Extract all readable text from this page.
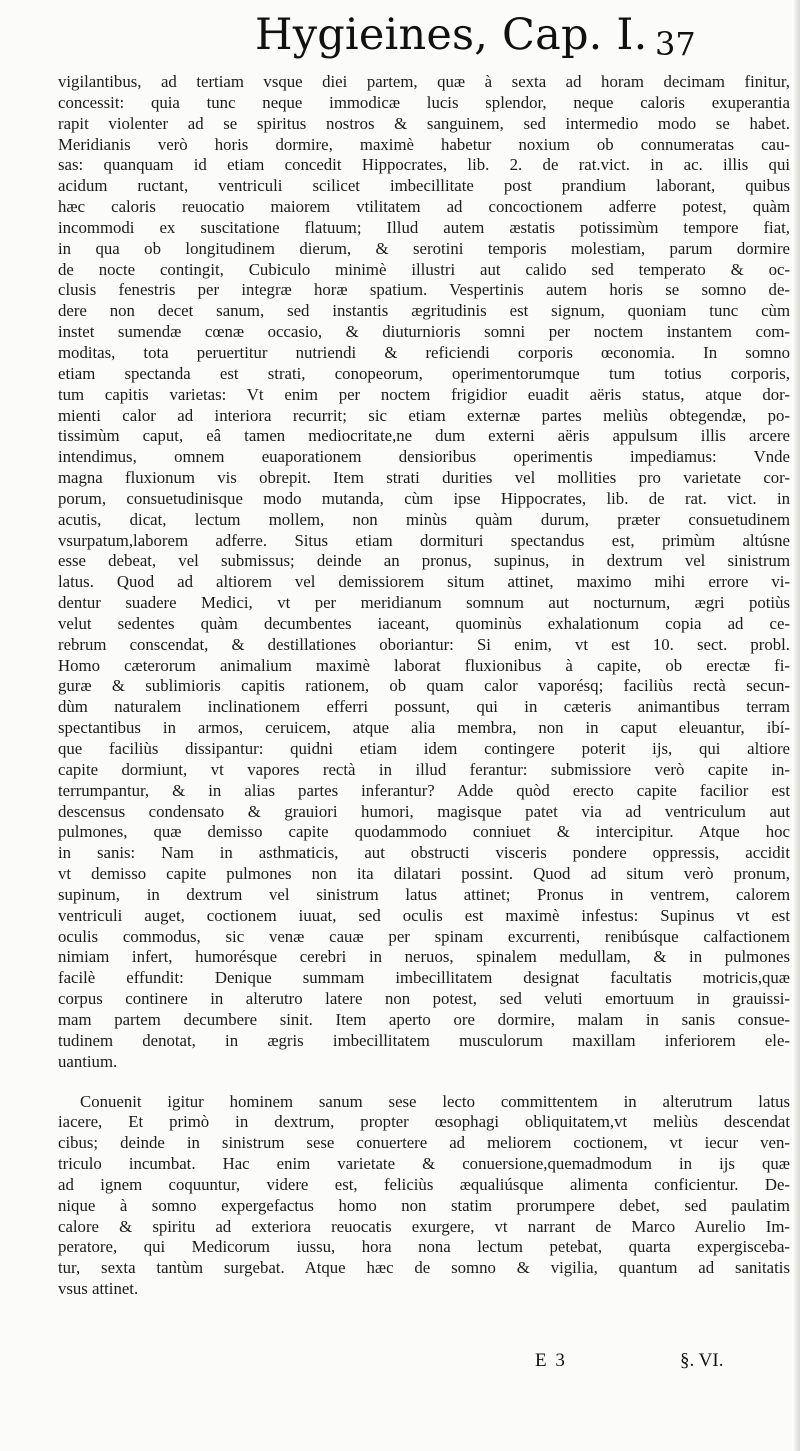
Hygieines, Cap. I. 37
vigilantibus, ad tertiam vsque diei partem, quæ à sexta ad horam decimam finitur,
concessit: quia tunc neque immodicæ lucis splendor, neque caloris exuperantia
rapit violenter ad se spiritus nostros & sanguinem, sed intermedio modo se habet.
Meridianis verò horis dormire, maximè habetur noxium ob connumeratas cau-
sas: quanquam id etiam concedit Hippocrates, lib. 2. de rat.vict. in ac. illis qui
acidum ructant, ventriculi scilicet imbecillitate post prandium laborant, quibus
hæc caloris reuocatio maiorem vtilitatem ad concoctionem adferre potest, quàm
incommodi ex suscitatione flatuum; Illud autem æstatis potissimùm tempore fiat,
in qua ob longitudinem dierum, & serotini temporis molestiam, parum dormire
de nocte contingit, Cubiculo minimè illustri aut calido sed temperato & oc-
clusis fenestris per integræ horæ spatium. Vespertinis autem horis se somno de-
dere non decet sanum, sed instantis ægritudinis est signum, quoniam tunc cùm
instet sumendæ cœnæ occasio, & diuturnioris somni per noctem instantem com-
moditas, tota peruertitur nutriendi & reficiendi corporis œconomia. In somno
etiam spectanda est strati, conopeorum, operimentorumque tum totius corporis,
tum capitis varietas: Vt enim per noctem frigidior euadit aëris status, atque dor-
mienti calor ad interiora recurrit; sic etiam externæ partes meliùs obtegendæ, po-
tissimùm caput, eâ tamen mediocritate,ne dum externi aëris appulsum illis arcere
intendimus, omnem euaporationem densioribus operimentis impediamus: Vnde
magna fluxionum vis obrepit. Item strati durities vel mollities pro varietate cor-
porum, consuetudinisque modo mutanda, cùm ipse Hippocrates, lib. de rat. vict. in
acutis, dicat, lectum mollem, non minùs quàm durum, præter consuetudinem
vsurpatum,laborem adferre. Situs etiam dormituri spectandus est, primùm altúsne
esse debeat, vel submissus; deinde an pronus, supinus, in dextrum vel sinistrum
latus. Quod ad altiorem vel demissiorem situm attinet, maximo mihi errore vi-
dentur suadere Medici, vt per meridianum somnum aut nocturnum, ægri potiùs
velut sedentes quàm decumbentes iaceant, quominùs exhalationum copia ad ce-
rebrum conscendat, & destillationes oboriantur: Si enim, vt est 10. sect. probl.
Homo cæterorum animalium maximè laborat fluxionibus à capite, ob erectæ fi-
guræ & sublimioris capitis rationem, ob quam calor vaporésq; faciliùs rectà secun-
dùm naturalem inclinationem efferri possunt, qui in cæteris animantibus terram
spectantibus in armos, ceruicem, atque alia membra, non in caput eleuantur, ibí-
que faciliùs dissipantur: quidni etiam idem contingere poterit ijs, qui altiore
capite dormiunt, vt vapores rectà in illud ferantur: submissiore verò capite in-
terrumpantur, & in alias partes inferantur? Adde quòd erecto capite facilior est
descensus condensato & grauiori humori, magisque patet via ad ventriculum aut
pulmones, quæ demisso capite quodammodo conniuet & intercipitur. Atque hoc
in sanis: Nam in asthmaticis, aut obstructi visceris pondere oppressis, accidit
vt demisso capite pulmones non ita dilatari possint. Quod ad situm verò pronum,
supinum, in dextrum vel sinistrum latus attinet; Pronus in ventrem, calorem
ventriculi auget, coctionem iuuat, sed oculis est maximè infestus: Supinus vt est
oculis commodus, sic venæ cauæ per spinam excurrenti, renibúsque calfactionem
nimiam infert, humorésque cerebri in neruos, spinalem medullam, & in pulmones
facilè effundit: Denique summam imbecillitatem designat facultatis motricis,quæ
corpus continere in alterutro latere non potest, sed veluti emortuum in grauissi-
mam partem decumbere sinit. Item aperto ore dormire, malam in sanis consue-
tudinem denotat, in ægris imbecillitatem musculorum maxillam inferiorem ele-
uantium.
Conuenit igitur hominem sanum sese lecto committentem in alterutrum latus
iacere, Et primò in dextrum, propter œsophagi obliquitatem,vt meliùs descendat
cibus; deinde in sinistrum sese conuertere ad meliorem coctionem, vt iecur ven-
triculo incumbat. Hac enim varietate & conuersione,quemadmodum in ijs quæ
ad ignem coquuntur, videre est, feliciùs æqualiúsque alimenta conficientur. De-
nique à somno expergefactus homo non statim prorumpere debet, sed paulatim
calore & spiritu ad exteriora reuocatis exurgere, vt narrant de Marco Aurelio Im-
peratore, qui Medicorum iussu, hora nona lectum petebat, quarta expergiscеba-
tur, sexta tantùm surgebat. Atque hæc de somno & vigilia, quantum ad sanitatis
vsus attinet.
E 3	§. VI.
